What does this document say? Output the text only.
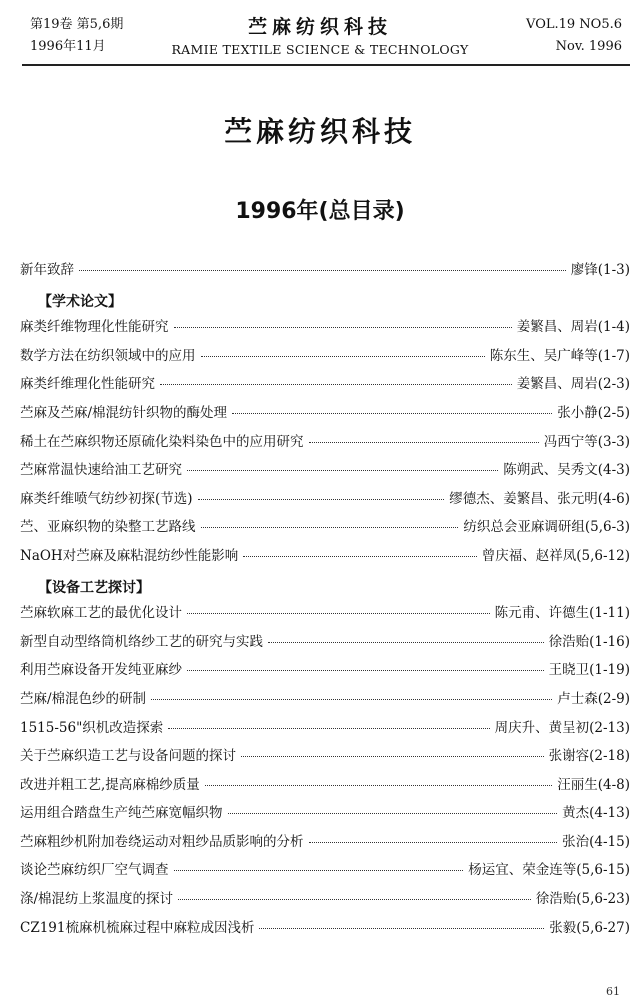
第19卷 第5,6期
1996年11月
苎麻纺织科技
RAMIE TEXTILE SCIENCE & TECHNOLOGY
VOL.19 NO5.6
Nov. 1996
苎麻纺织科技
1996年(总目录)
新年致辞	廖锋(1-3)
【学术论文】
麻类纤维物理化性能研究	姜繁昌、周岩(1-4)
数学方法在纺织领域中的应用	陈东生、吴广峰等(1-7)
麻类纤维理化性能研究	姜繁昌、周岩(2-3)
苎麻及苎麻/棉混纺针织物的酶处理	张小静(2-5)
稀土在苎麻织物还原硫化染料染色中的应用研究	冯西宁等(3-3)
苎麻常温快速给油工艺研究	陈朔武、吴秀文(4-3)
麻类纤维喷气纺纱初探(节选)	缪德杰、姜繁昌、张元明(4-6)
苎、亚麻织物的染整工艺路线	纺织总会亚麻调研组(5,6-3)
NaOH对苎麻及麻粘混纺纱性能影响	曾庆福、赵祥凤(5,6-12)
【设备工艺探讨】
苎麻软麻工艺的最优化设计	陈元甫、许德生(1-11)
新型自动型络筒机络纱工艺的研究与实践	徐浩贻(1-16)
利用苎麻设备开发纯亚麻纱	王晓卫(1-19)
苎麻/棉混色纱的研制	卢士森(2-9)
1515-56"织机改造探索	周庆升、黄呈初(2-13)
关于苎麻织造工艺与设备问题的探讨	张谢容(2-18)
改进并粗工艺,提高麻棉纱质量	汪丽生(4-8)
运用组合踏盘生产纯苎麻宽幅织物	黄杰(4-13)
苎麻粗纱机附加卷绕运动对粗纱品质影响的分析	张治(4-15)
谈论苎麻纺织厂空气调查	杨运宜、荣金连等(5,6-15)
涤/棉混纺上浆温度的探讨	徐浩贻(5,6-23)
CZ191梳麻机梳麻过程中麻粒成因浅析	张毅(5,6-27)
61
